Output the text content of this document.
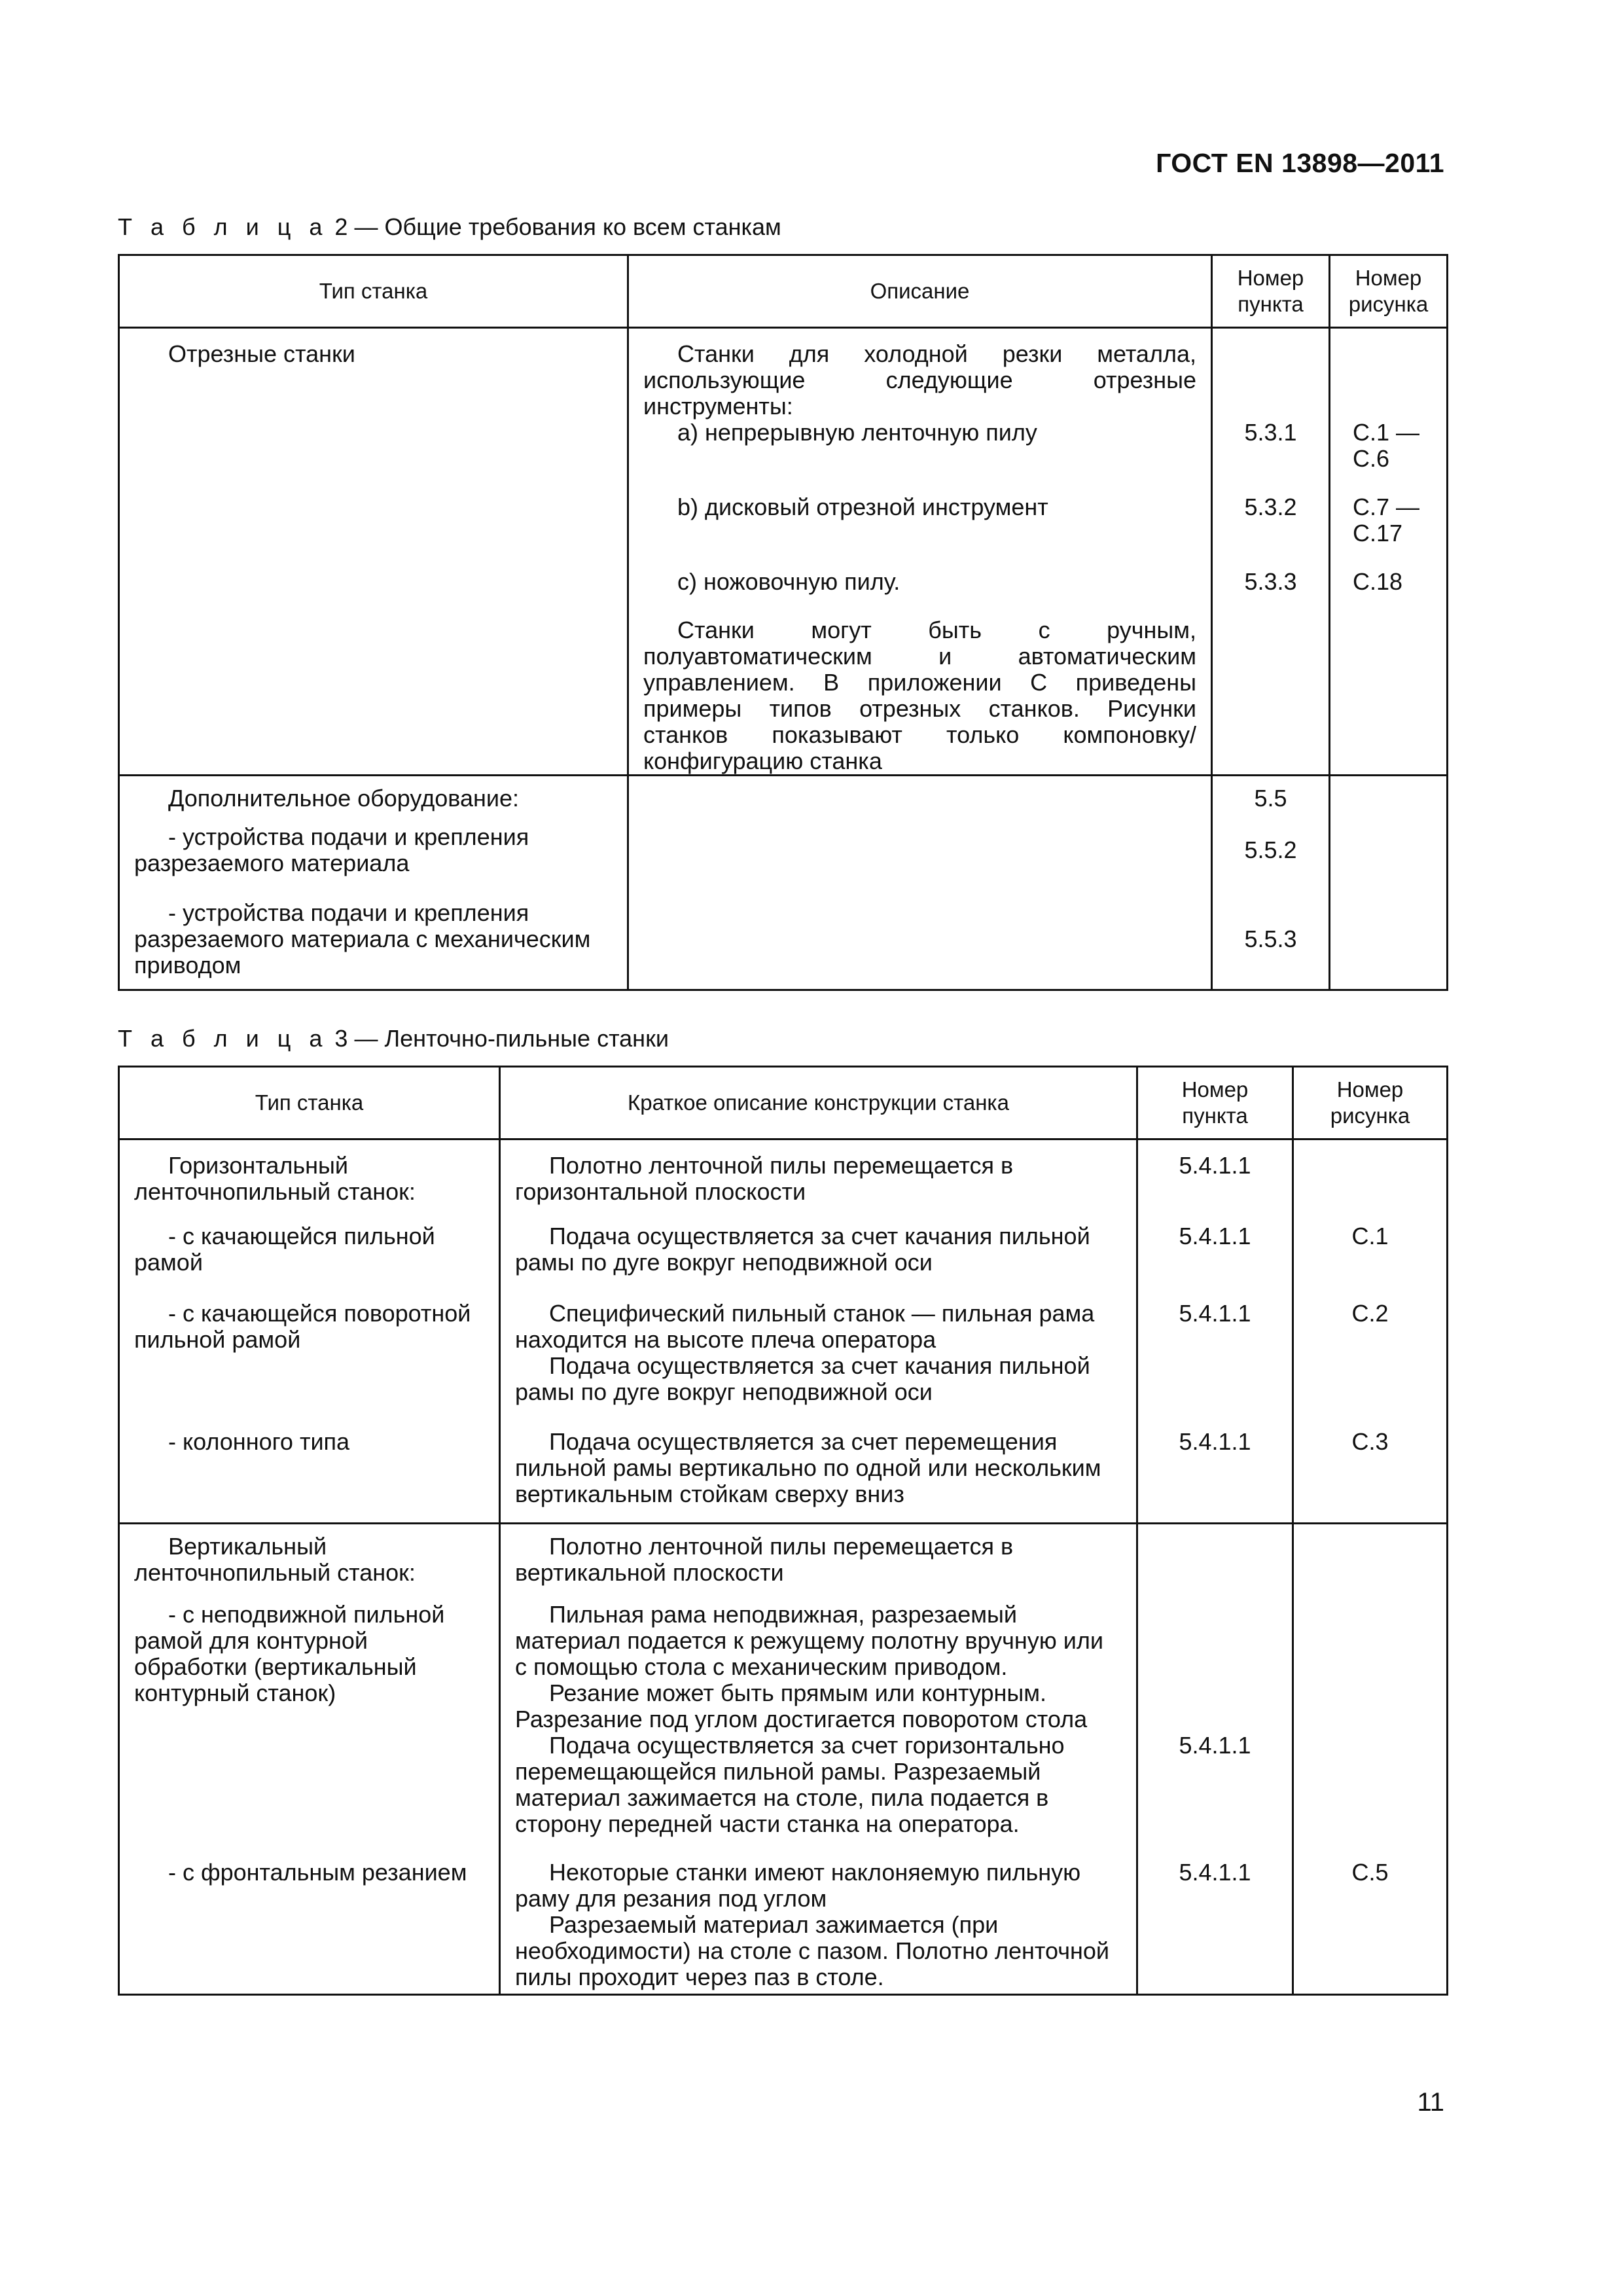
ГОСТ EN 13898—2011
Т а б л и ц а 2 — Общие требования ко всем станкам
Тип станка	Описание	Номер пункта	Номер рисунка

Отрезные станки	Станки для холодной резки металла, использующие следующие отрезные инструменты:		

	a) непрерывную ленточную пилу	5.3.1	С.1 — С.6

	b) дисковый отрезной инструмент	5.3.2	С.7 — С.17

	c) ножовочную пилу.	5.3.3	С.18

	Станки могут быть с ручным, полуавтоматическим и автоматическим управлением. В приложении С приведены примеры типов отрезных станков. Рисунки станков показывают только компоновку/конфигурацию станка		

Дополнительное оборудование:		5.5	

- устройства подачи и крепления разрезаемого материала		5.5.2	

- устройства подачи и крепления разрезаемого материала с механическим приводом		5.5.3	
Т а б л и ц а 3 — Ленточно-пильные станки
Тип станка	Краткое описание конструкции станка	Номер пункта	Номер рисунка

Горизонтальный ленточнопильный станок:	Полотно ленточной пилы перемещается в горизонтальной плоскости	5.4.1.1	

- с качающейся пильной рамой	Подача осуществляется за счет качания пильной рамы по дуге вокруг неподвижной оси	5.4.1.1	С.1

- с качающейся поворотной пильной рамой	Специфический пильный станок — пильная рама находится на высоте плеча оператора
Подача осуществляется за счет качания пильной рамы по дуге вокруг неподвижной оси	5.4.1.1	С.2

- колонного типа	Подача осуществляется за счет перемещения пильной рамы вертикально по одной или нескольким вертикальным стойкам сверху вниз	5.4.1.1	С.3

Вертикальный ленточнопильный станок:	Полотно ленточной пилы перемещается в вертикальной плоскости		

- с неподвижной пильной рамой для контурной обработки (вертикальный контурный станок)	Пильная рама неподвижная, разрезаемый материал подается к режущему полотну вручную или с помощью стола с механическим приводом.
Резание может быть прямым или контурным. Разрезание под углом достигается поворотом стола
Подача осуществляется за счет горизонтально перемещающейся пильной рамы. Разрезаемый материал зажимается на столе, пила подается в сторону передней части станка на оператора.	5.4.1.1	

- с фронтальным резанием	Некоторые станки имеют наклоняемую пильную раму для резания под углом
Разрезаемый материал зажимается (при необходимости) на столе с пазом. Полотно ленточной пилы проходит через паз в столе.	5.4.1.1	С.5
11
